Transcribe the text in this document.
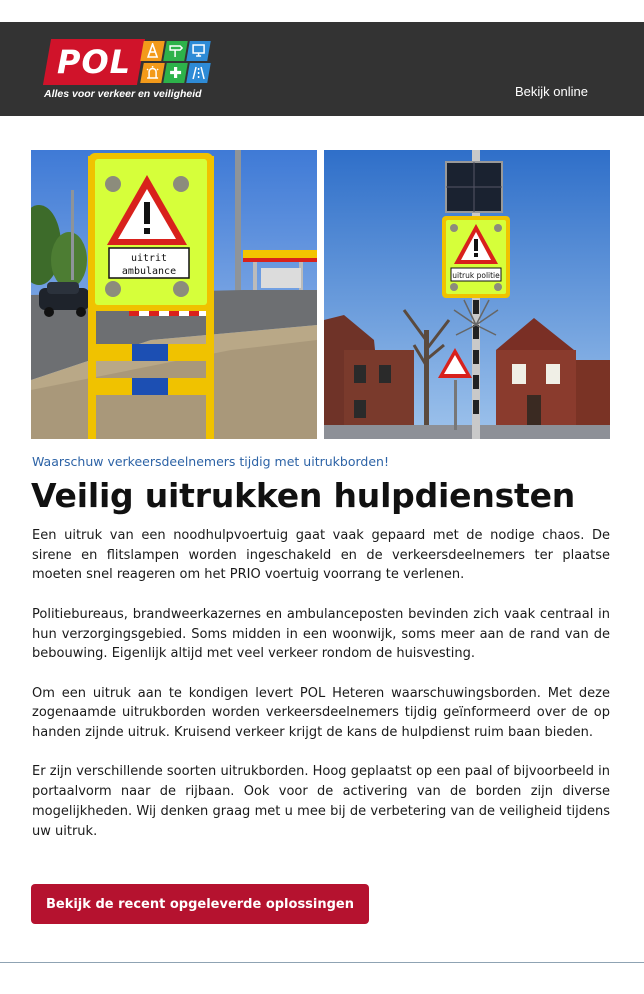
POL
Alles voor verkeer en veiligheid	Bekijk online
uitrit
ambulance	uitruk politie
Waarschuw verkeersdeelnemers tijdig met uitrukborden!
Veilig uitrukken hulpdiensten

Een uitruk van een noodhulpvoertuig gaat vaak gepaard met de nodige chaos. De sirene en flitslampen worden ingeschakeld en de verkeersdeelnemers ter plaatse moeten snel reageren om het PRIO voertuig voorrang te verlenen.

Politiebureaus, brandweerkazernes en ambulanceposten bevinden zich vaak centraal in hun verzorgingsgebied. Soms midden in een woonwijk, soms meer aan de rand van de bebouwing. Eigenlijk altijd met veel verkeer rondom de huisvesting.

Om een uitruk aan te kondigen levert POL Heteren waarschuwingsborden. Met deze zogenaamde uitrukborden worden verkeersdeelnemers tijdig geïnformeerd over de op handen zijnde uitruk. Kruisend verkeer krijgt de kans de hulpdienst ruim baan bieden.

Er zijn verschillende soorten uitrukborden. Hoog geplaatst op een paal of bijvoorbeeld in portaalvorm naar de rijbaan. Ook voor de activering van de borden zijn diverse mogelijkheden. Wij denken graag met u mee bij de verbetering van de veiligheid tijdens uw uitruk.

Bekijk de recent opgeleverde oplossingen
